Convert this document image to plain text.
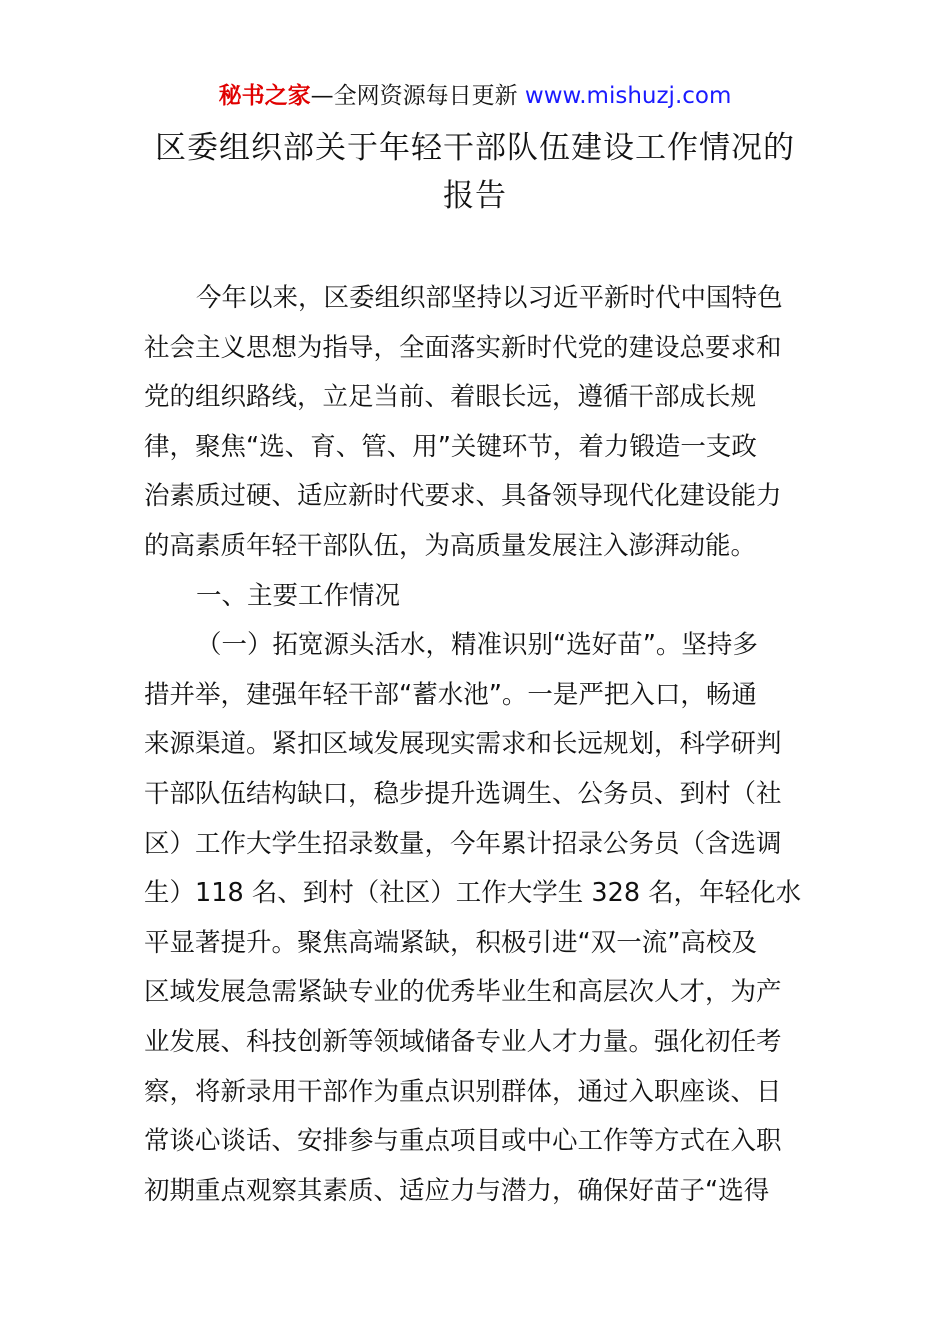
秘书之家—全网资源每日更新 www.mishuzj.com
区委组织部关于年轻干部队伍建设工作情况的
报告
今年以来，区委组织部坚持以习近平新时代中国特色
社会主义思想为指导，全面落实新时代党的建设总要求和
党的组织路线，立足当前、着眼长远，遵循干部成长规
律，聚焦“选、育、管、用”关键环节，着力锻造一支政
治素质过硬、适应新时代要求、具备领导现代化建设能力
的高素质年轻干部队伍，为高质量发展注入澎湃动能。
一、主要工作情况
（一）拓宽源头活水，精准识别“选好苗”。坚持多
措并举，建强年轻干部“蓄水池”。一是严把入口，畅通
来源渠道。紧扣区域发展现实需求和长远规划，科学研判
干部队伍结构缺口，稳步提升选调生、公务员、到村（社
区）工作大学生招录数量，今年累计招录公务员（含选调
生）118 名、到村（社区）工作大学生 328 名，年轻化水
平显著提升。聚焦高端紧缺，积极引进“双一流”高校及
区域发展急需紧缺专业的优秀毕业生和高层次人才，为产
业发展、科技创新等领域储备专业人才力量。强化初任考
察，将新录用干部作为重点识别群体，通过入职座谈、日
常谈心谈话、安排参与重点项目或中心工作等方式在入职
初期重点观察其素质、适应力与潜力，确保好苗子“选得
